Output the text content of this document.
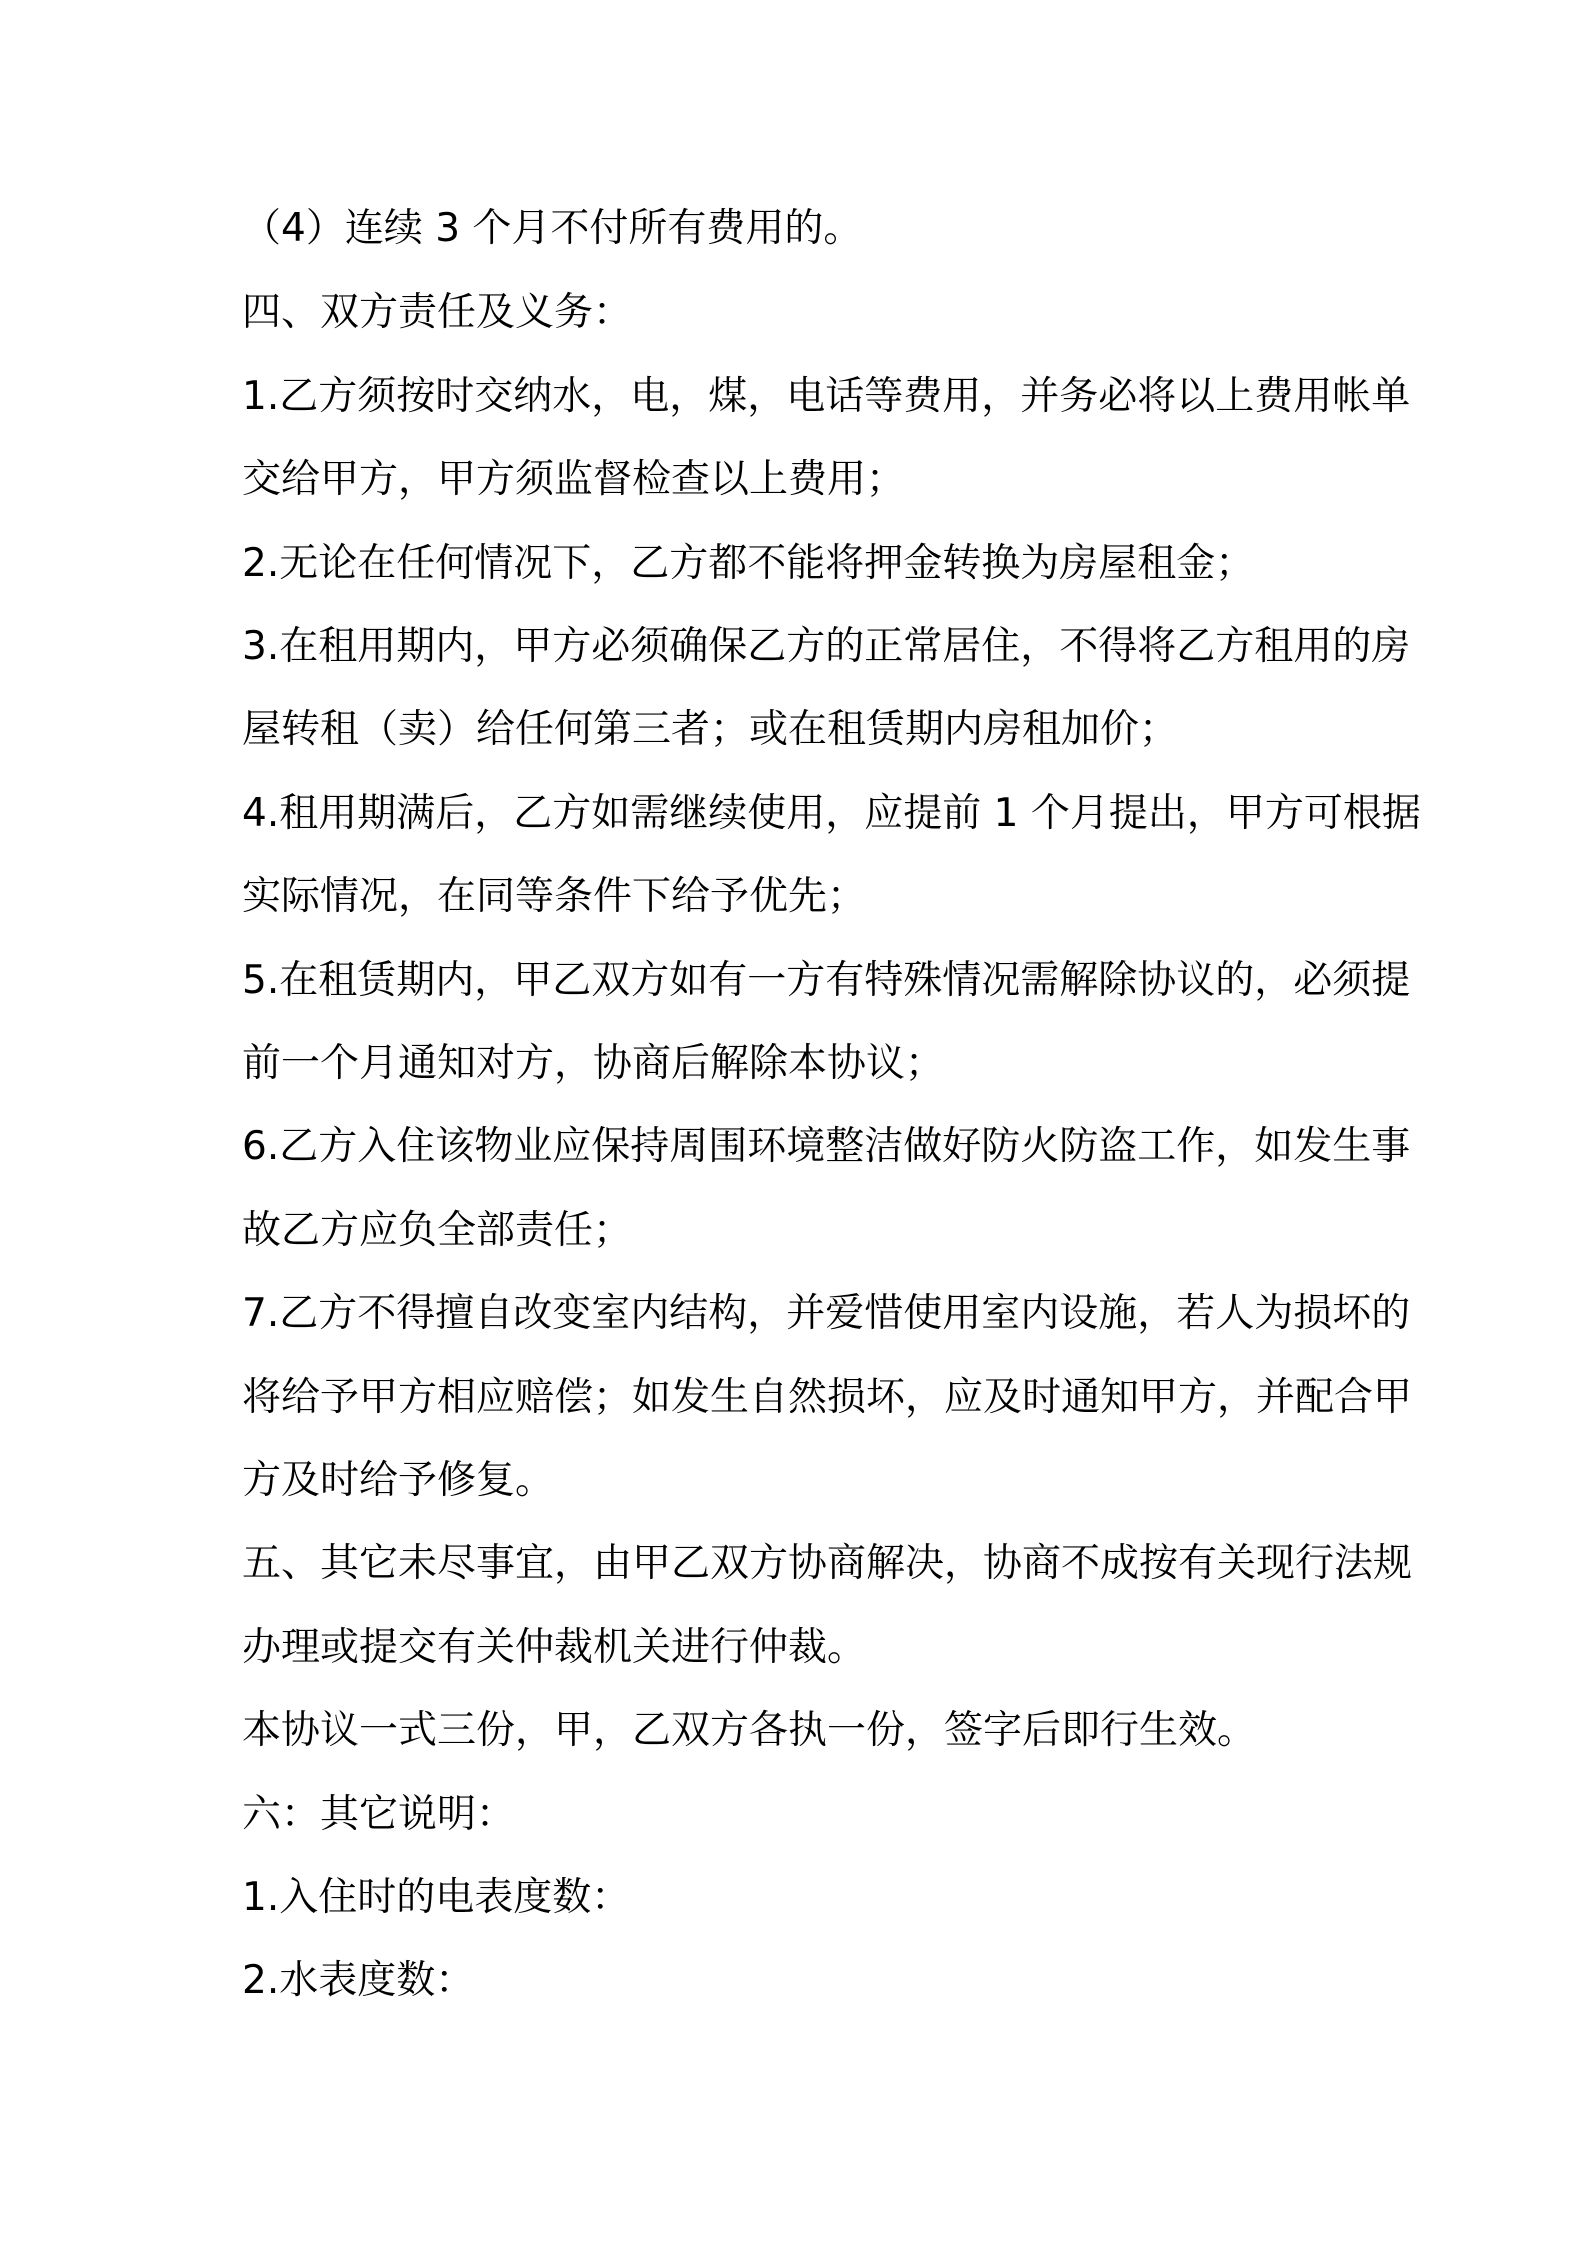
（4）连续 3 个月不付所有费用的。

四、双方责任及义务：

1.乙方须按时交纳水，电，煤，电话等费用，并务必将以上费用帐单

交给甲方，甲方须监督检查以上费用；

2.无论在任何情况下，乙方都不能将押金转换为房屋租金；

3.在租用期内，甲方必须确保乙方的正常居住，不得将乙方租用的房

屋转租（卖）给任何第三者；或在租赁期内房租加价；

4.租用期满后，乙方如需继续使用，应提前 1 个月提出，甲方可根据

实际情况，在同等条件下给予优先；

5.在租赁期内，甲乙双方如有一方有特殊情况需解除协议的，必须提

前一个月通知对方，协商后解除本协议；

6.乙方入住该物业应保持周围环境整洁做好防火防盗工作，如发生事

故乙方应负全部责任；

7.乙方不得擅自改变室内结构，并爱惜使用室内设施，若人为损坏的

将给予甲方相应赔偿；如发生自然损坏，应及时通知甲方，并配合甲

方及时给予修复。

五、其它未尽事宜，由甲乙双方协商解决，协商不成按有关现行法规

办理或提交有关仲裁机关进行仲裁。

本协议一式三份，甲，乙双方各执一份，签字后即行生效。

六：其它说明：

1.入住时的电表度数：

2.水表度数：
